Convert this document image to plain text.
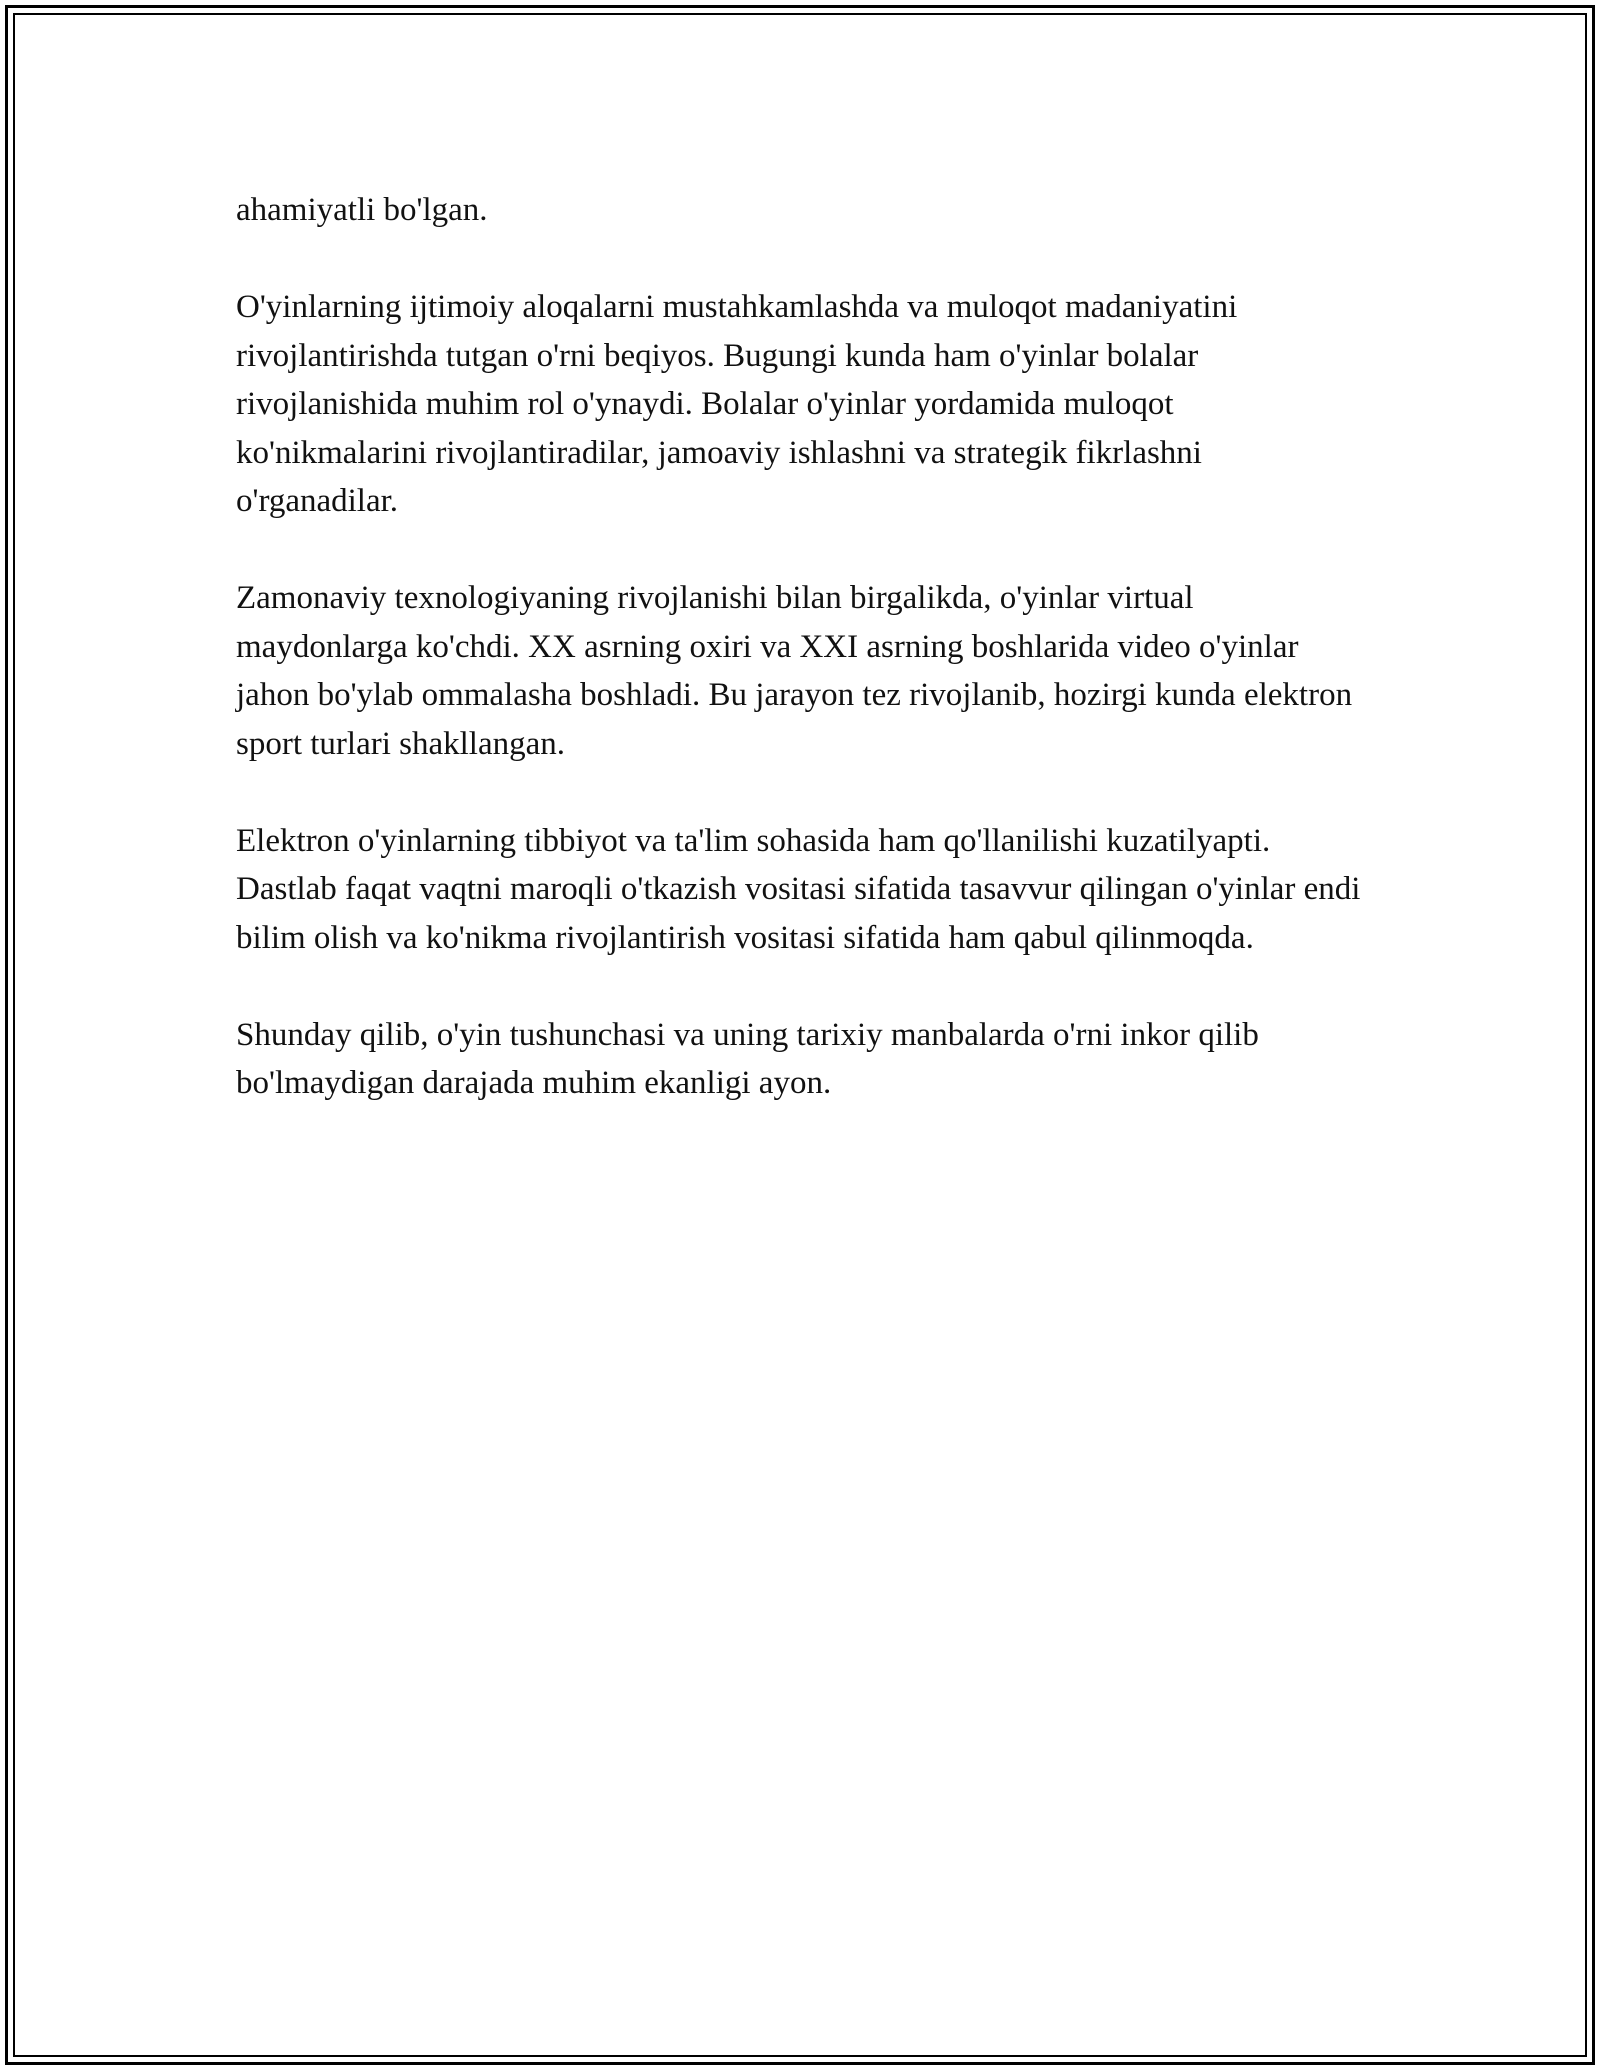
ahamiyatli bo'lgan.

O'yinlarning ijtimoiy aloqalarni mustahkamlashda va muloqot madaniyatini rivojlantirishda tutgan o'rni beqiyos. Bugungi kunda ham o'yinlar bolalar rivojlanishida muhim rol o'ynaydi. Bolalar o'yinlar yordamida muloqot ko'nikmalarini rivojlantiradilar, jamoaviy ishlashni va strategik fikrlashni o'rganadilar.

Zamonaviy texnologiyaning rivojlanishi bilan birgalikda, o'yinlar virtual maydonlarga ko'chdi. XX asrning oxiri va XXI asrning boshlarida video o'yinlar jahon bo'ylab ommalasha boshladi. Bu jarayon tez rivojlanib, hozirgi kunda elektron sport turlari shakllangan.

Elektron o'yinlarning tibbiyot va ta'lim sohasida ham qo'llanilishi kuzatilyapti. Dastlab faqat vaqtni maroqli o'tkazish vositasi sifatida tasavvur qilingan o'yinlar endi bilim olish va ko'nikma rivojlantirish vositasi sifatida ham qabul qilinmoqda.

Shunday qilib, o'yin tushunchasi va uning tarixiy manbalarda o'rni inkor qilib bo'lmaydigan darajada muhim ekanligi ayon.
